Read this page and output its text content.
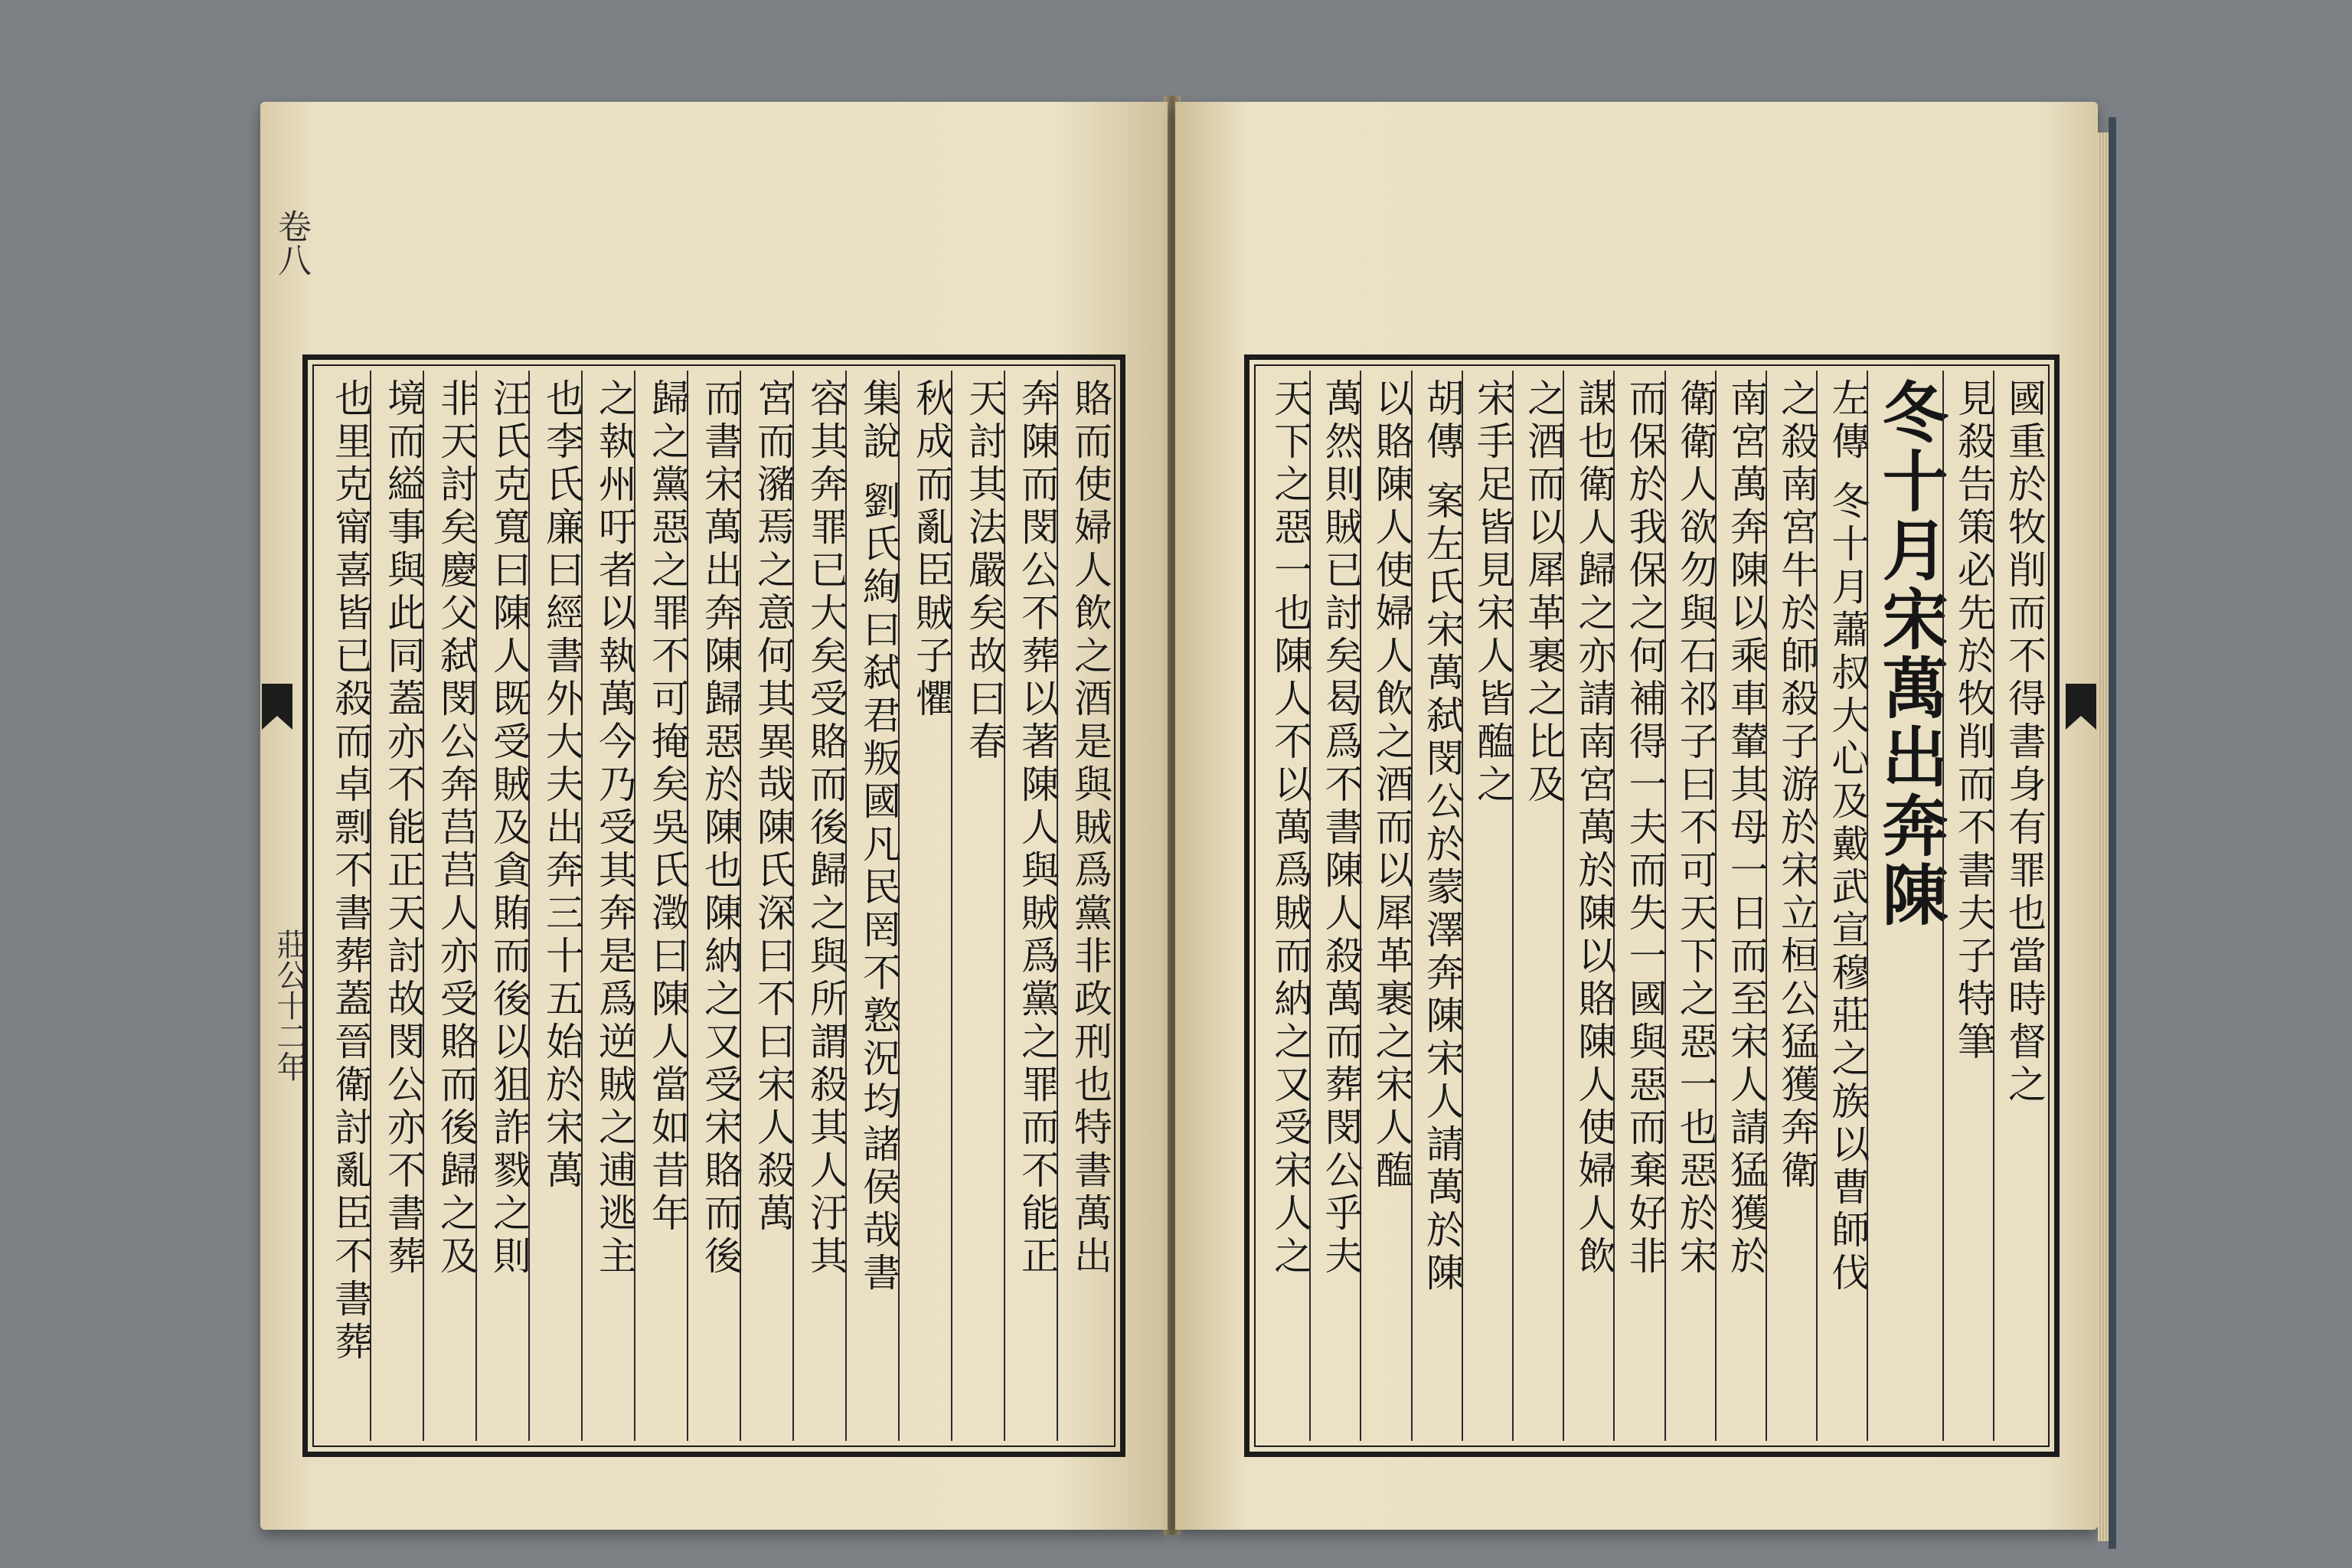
卷八
莊公十二年	賂而使婦人飲之酒是與賊爲黨非政刑也特書萬出
奔陳而閔公不葬以著陳人與賊爲黨之罪而不能正
天討其法嚴矣故曰春
秋成而亂臣賊子懼
集說 劉氏絢曰弑君叛國凡民罔不憝況均諸侯哉書
容其奔罪已大矣受賂而後歸之與所謂殺其人汙其
宮而瀦焉之意何其異哉陳氏深曰不曰宋人殺萬
而書宋萬出奔陳歸惡於陳也陳納之又受宋賂而後
歸之黨惡之罪不可掩矣吳氏澂曰陳人當如昔年
之執州吁者以執萬今乃受其奔是爲逆賊之逋逃主
也李氏廉曰經書外大夫出奔三十五始於宋萬
汪氏克寬曰陳人既受賊及貪賄而後以狙詐戮之則
非天討矣慶父弑閔公奔莒莒人亦受賂而後歸之及
境而縊事與此同蓋亦不能正天討故閔公亦不書葬
也里克甯喜皆已殺而卓剽不書葬蓋晉衛討亂臣不書葬	國重於牧削而不得書身有罪也當時督之
見殺告策必先於牧削而不書夫子特筆
冬十月宋萬出奔陳
左傳 冬十月蕭叔大心及戴武宣穆莊之族以曹師伐
之殺南宮牛於師殺子游於宋立桓公猛獲奔衛
南宮萬奔陳以乘車輦其母一日而至宋人請猛獲於
衛衛人欲勿與石祁子曰不可天下之惡一也惡於宋
而保於我保之何補得一夫而失一國與惡而棄好非
謀也衛人歸之亦請南宮萬於陳以賂陳人使婦人飲
之酒而以犀革裹之比及
宋手足皆見宋人皆醢之
胡傳 案左氏宋萬弑閔公於蒙澤奔陳宋人請萬於陳
以賂陳人使婦人飲之酒而以犀革裹之宋人醢
萬然則賊已討矣曷爲不書陳人殺萬而葬閔公乎夫
天下之惡一也陳人不以萬爲賊而納之又受宋人之
